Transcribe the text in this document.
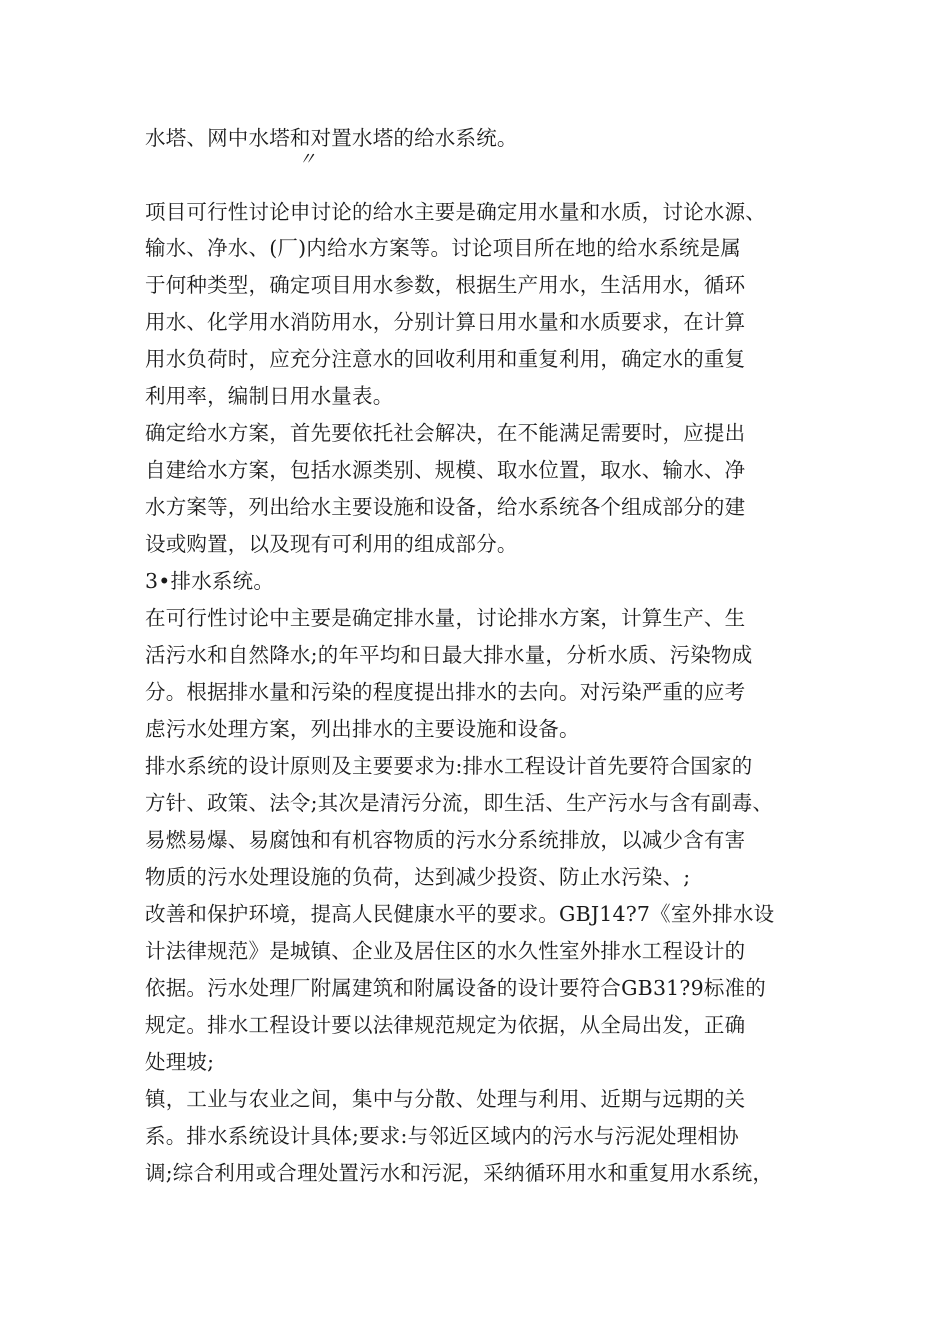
水塔、网中水塔和对置水塔的给水系统。
〃
项目可行性讨论申讨论的给水主要是确定用水量和水质，讨论水源、
输水、净水、(厂)内给水方案等。讨论项目所在地的给水系统是属
于何种类型，确定项目用水参数，根据生产用水，生活用水，循环
用水、化学用水消防用水，分别计算日用水量和水质要求，在计算
用水负荷时，应充分注意水的回收利用和重复利用，确定水的重复
利用率，编制日用水量表。
确定给水方案，首先要依托社会解决，在不能满足需要时，应提出
自建给水方案，包括水源类别、规模、取水位置，取水、输水、净
水方案等，列出给水主要设施和设备，给水系统各个组成部分的建
设或购置，以及现有可利用的组成部分。
3•排水系统。
在可行性讨论中主要是确定排水量，讨论排水方案，计算生产、生
活污水和自然降水;的年平均和日最大排水量，分析水质、污染物成
分。根据排水量和污染的程度提出排水的去向。对污染严重的应考
虑污水处理方案，列出排水的主要设施和设备。
排水系统的设计原则及主要要求为:排水工程设计首先要符合国家的
方针、政策、法令;其次是清污分流，即生活、生产污水与含有副毒、
易燃易爆、易腐蚀和有机容物质的污水分系统排放，以减少含有害
物质的污水处理设施的负荷，达到减少投资、防止水污染、;
改善和保护环境，提高人民健康水平的要求。GBJ14?7《室外排水设
计法律规范》是城镇、企业及居住区的水久性室外排水工程设计的
依据。污水处理厂附属建筑和附属设备的设计要符合GB31?9标准的
规定。排水工程设计要以法律规范规定为依据，从全局出发，正确
处理坡;
镇，工业与农业之间，集中与分散、处理与利用、近期与远期的关
系。排水系统设计具体;要求:与邻近区域内的污水与污泥处理相协
调;综合利用或合理处置污水和污泥，采纳循环用水和重复用水系统，
